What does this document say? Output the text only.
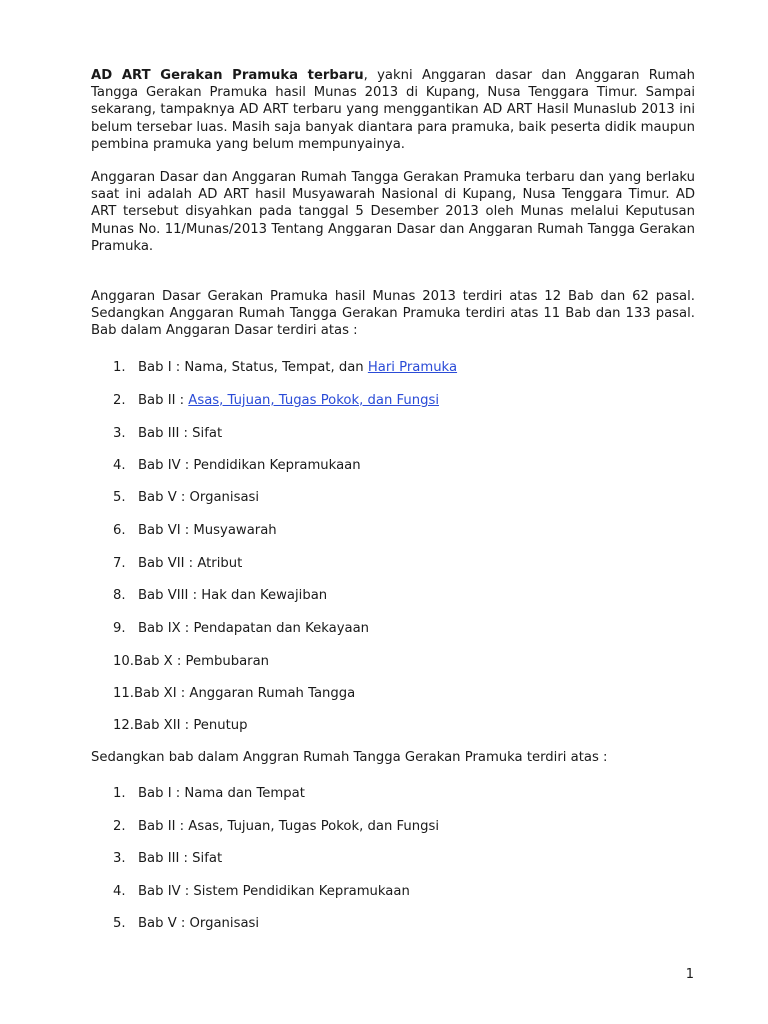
AD ART Gerakan Pramuka terbaru, yakni Anggaran dasar dan Anggaran Rumah Tangga Gerakan Pramuka hasil Munas 2013 di Kupang, Nusa Tenggara Timur. Sampai sekarang, tampaknya AD ART terbaru yang menggantikan AD ART Hasil Munaslub 2013 ini belum tersebar luas. Masih saja banyak diantara para pramuka, baik peserta didik maupun pembina pramuka yang belum mempunyainya.
Anggaran Dasar dan Anggaran Rumah Tangga Gerakan Pramuka terbaru dan yang berlaku saat ini adalah AD ART hasil Musyawarah Nasional di Kupang, Nusa Tenggara Timur. AD ART tersebut disyahkan pada tanggal 5 Desember 2013 oleh Munas melalui Keputusan Munas No. 11/Munas/2013 Tentang Anggaran Dasar dan Anggaran Rumah Tangga Gerakan Pramuka.
Anggaran Dasar Gerakan Pramuka hasil Munas 2013 terdiri atas 12 Bab dan 62 pasal. Sedangkan Anggaran Rumah Tangga Gerakan Pramuka terdiri atas 11 Bab dan 133 pasal. Bab dalam Anggaran Dasar terdiri atas :
1. Bab I : Nama, Status, Tempat, dan Hari Pramuka
2. Bab II : Asas, Tujuan, Tugas Pokok, dan Fungsi
3. Bab III : Sifat
4. Bab IV : Pendidikan Kepramukaan
5. Bab V : Organisasi
6. Bab VI : Musyawarah
7. Bab VII : Atribut
8. Bab VIII : Hak dan Kewajiban
9. Bab IX : Pendapatan dan Kekayaan
10.Bab X : Pembubaran
11.Bab XI : Anggaran Rumah Tangga
12.Bab XII : Penutup
Sedangkan bab dalam Anggran Rumah Tangga Gerakan Pramuka terdiri atas :
1. Bab I : Nama dan Tempat
2. Bab II : Asas, Tujuan, Tugas Pokok, dan Fungsi
3. Bab III : Sifat
4. Bab IV : Sistem Pendidikan Kepramukaan
5. Bab V : Organisasi
1
